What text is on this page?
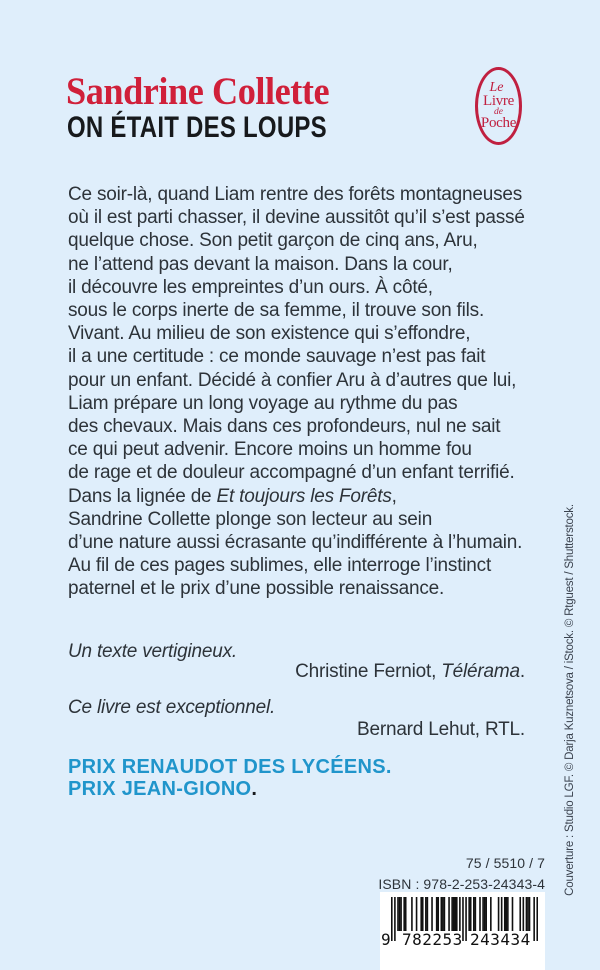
Sandrine Collette
ON ÉTAIT DES LOUPS
Le
Livre
de
Poche
Ce soir-là, quand Liam rentre des forêts montagneuses
où il est parti chasser, il devine aussitôt qu’il s’est passé
quelque chose. Son petit garçon de cinq ans, Aru,
ne l’attend pas devant la maison. Dans la cour,
il découvre les empreintes d’un ours. À côté,
sous le corps inerte de sa femme, il trouve son fils.
Vivant. Au milieu de son existence qui s’effondre,
il a une certitude : ce monde sauvage n’est pas fait
pour un enfant. Décidé à confier Aru à d’autres que lui,
Liam prépare un long voyage au rythme du pas
des chevaux. Mais dans ces profondeurs, nul ne sait
ce qui peut advenir. Encore moins un homme fou
de rage et de douleur accompagné d’un enfant terrifié.
Dans la lignée de Et toujours les Forêts,
Sandrine Collette plonge son lecteur au sein
d’une nature aussi écrasante qu’indifférente à l’humain.
Au fil de ces pages sublimes, elle interroge l’instinct
paternel et le prix d’une possible renaissance.
Un texte vertigineux.
Christine Ferniot, Télérama.
Ce livre est exceptionnel.
Bernard Lehut, RTL.
PRIX RENAUDOT DES LYCÉENS.
PRIX JEAN-GIONO.
75 / 5510 / 7
ISBN : 978-2-253-24343-4
9 782253 243434
Couverture : Studio LGF. © Darja Kuznetsova / iStock. © Rtguest / Shutterstock.
